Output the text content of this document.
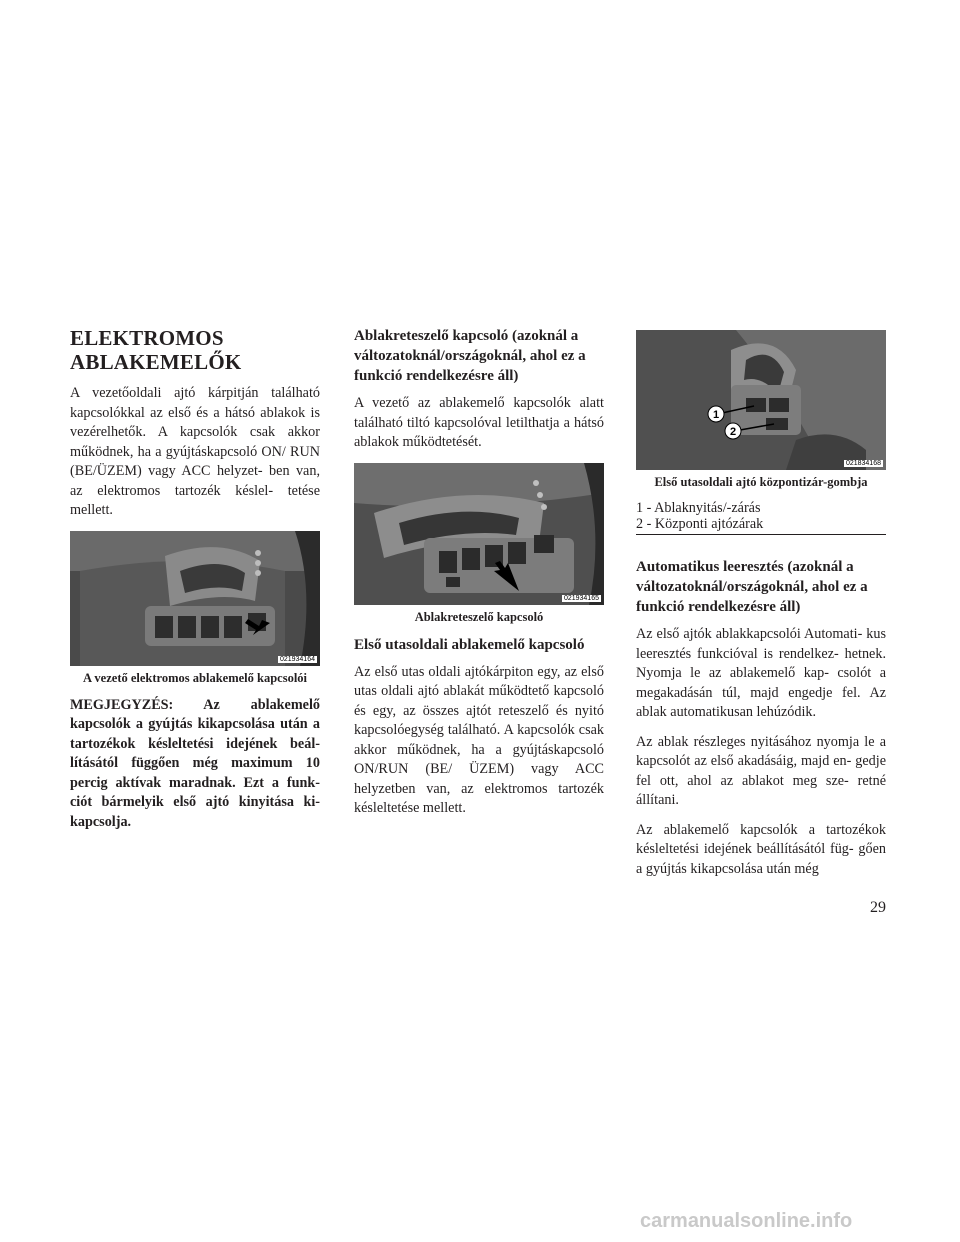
ELEKTROMOS ABLAKEMELŐK

A vezetőoldali ajtó kárpitján található kapcsolókkal az első és a hátsó ablakok is vezérelhetők. A kapcsolók csak akkor működnek, ha a gyújtáskapcsoló ON/ RUN (BE/ÜZEM) vagy ACC helyzet- ben van, az elektromos tartozék késlel- tetése mellett.

021934164
A vezető elektromos ablakemelő kapcsolói

MEGJEGYZÉS: Az ablakemelő kapcsolók a gyújtás kikapcsolása után a tartozékok késleltetési idejének beál- lításától függően még maximum 10 percig aktívak maradnak. Ezt a funk- ciót bármelyik első ajtó kinyitása ki- kapcsolja.

Ablakreteszelő kapcsoló (azoknál a változatoknál/országoknál, ahol ez a funkció rendelkezésre áll)

A vezető az ablakemelő kapcsolók alatt található tiltó kapcsolóval letilthatja a hátsó ablakok működtetését.

021934165
Ablakreteszelő kapcsoló
Első utasoldali ablakemelő kapcsoló

Az első utas oldali ajtókárpiton egy, az első utas oldali ajtó ablakát működtető kapcsoló és egy, az összes ajtót reteszelő és nyitó kapcsolóegység található. A kapcsolók csak akkor működnek, ha a gyújtáskapcsoló ON/RUN (BE/ ÜZEM) vagy ACC helyzetben van, az elektromos tartozék késleltetése mellett.

1
2
021834168
Első utasoldali ajtó központizár-gombja
1 - Ablaknyitás/-zárás
2 - Központi ajtózárak
Automatikus leeresztés (azoknál a változatoknál/országoknál, ahol ez a funkció rendelkezésre áll)

Az első ajtók ablakkapcsolói Automati- kus leeresztés funkcióval is rendelkez- hetnek. Nyomja le az ablakemelő kap- csolót a megakadásán túl, majd engedje fel. Az ablak automatikusan lehúzódik.

Az ablak részleges nyitásához nyomja le a kapcsolót az első akadásáig, majd en- gedje fel ott, ahol az ablakot meg sze- retné állítani.

Az ablakemelő kapcsolók a tartozékok késleltetési idejének beállításától füg- gően a gyújtás kikapcsolása után még

29
carmanualsonline.info
